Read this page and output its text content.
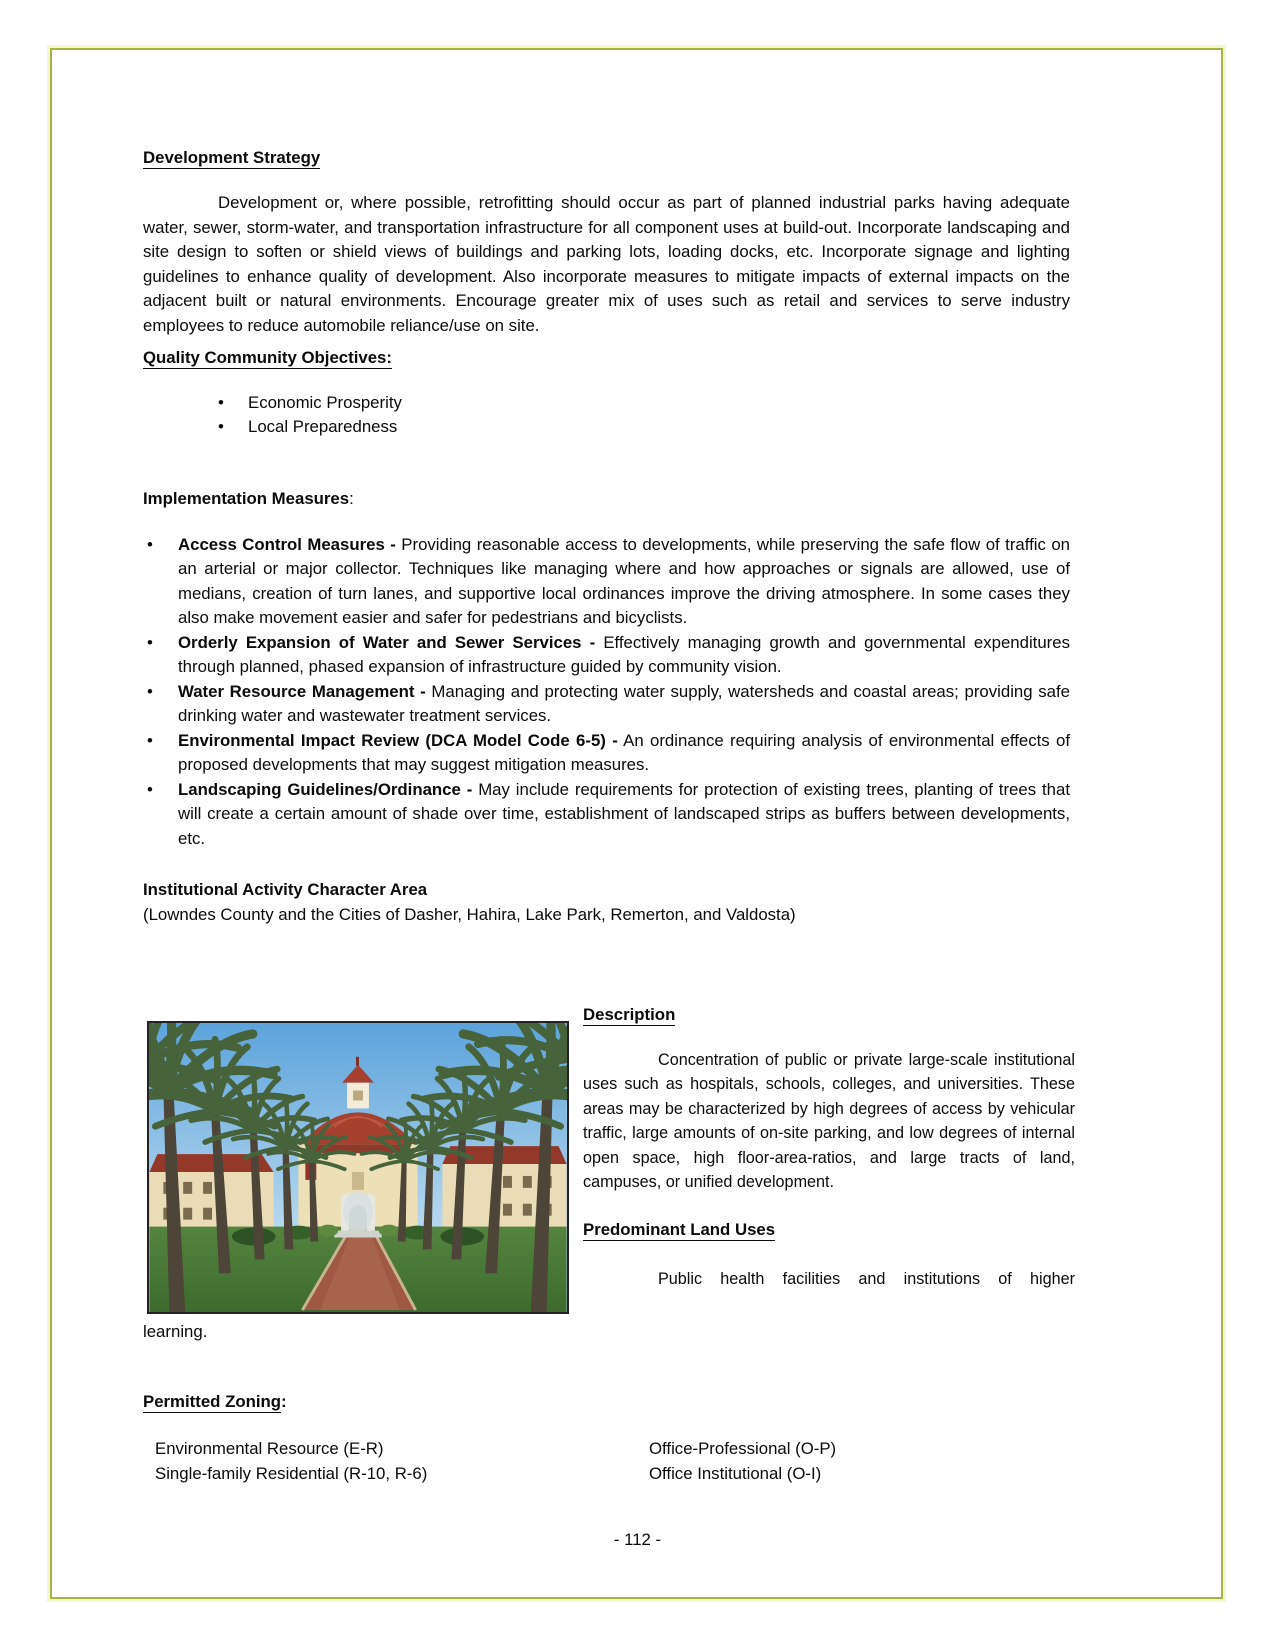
Development Strategy

Development or, where possible, retrofitting should occur as part of planned industrial parks having adequate water, sewer, storm-water, and transportation infrastructure for all component uses at build-out. Incorporate landscaping and site design to soften or shield views of buildings and parking lots, loading docks, etc. Incorporate signage and lighting guidelines to enhance quality of development. Also incorporate measures to mitigate impacts of external impacts on the adjacent built or natural environments. Encourage greater mix of uses such as retail and services to serve industry employees to reduce automobile reliance/use on site.

Quality Community Objectives:
• Economic Prosperity
• Local Preparedness
Implementation Measures:
• Access Control Measures - Providing reasonable access to developments, while preserving the safe flow of traffic on an arterial or major collector. Techniques like managing where and how approaches or signals are allowed, use of medians, creation of turn lanes, and supportive local ordinances improve the driving atmosphere. In some cases they also make movement easier and safer for pedestrians and bicyclists.
• Orderly Expansion of Water and Sewer Services - Effectively managing growth and governmental expenditures through planned, phased expansion of infrastructure guided by community vision.
• Water Resource Management - Managing and protecting water supply, watersheds and coastal areas; providing safe drinking water and wastewater treatment services.
• Environmental Impact Review (DCA Model Code 6-5) - An ordinance requiring analysis of environmental effects of proposed developments that may suggest mitigation measures.
• Landscaping Guidelines/Ordinance - May include requirements for protection of existing trees, planting of trees that will create a certain amount of shade over time, establishment of landscaped strips as buffers between developments, etc.
Institutional Activity Character Area
(Lowndes County and the Cities of Dasher, Hahira, Lake Park, Remerton, and Valdosta)
Description

Concentration of public or private large-scale institutional uses such as hospitals, schools, colleges, and universities. These areas may be characterized by high degrees of access by vehicular traffic, large amounts of on-site parking, and low degrees of internal open space, high floor-area-ratios, and large tracts of land, campuses, or unified development.

Predominant Land Uses
Public health facilities and institutions of higher
learning.
Permitted Zoning:
Environmental Resource (E-R)
Single-family Residential (R-10, R-6)
Office-Professional (O-P)
Office Institutional (O-I)
- 112 -
